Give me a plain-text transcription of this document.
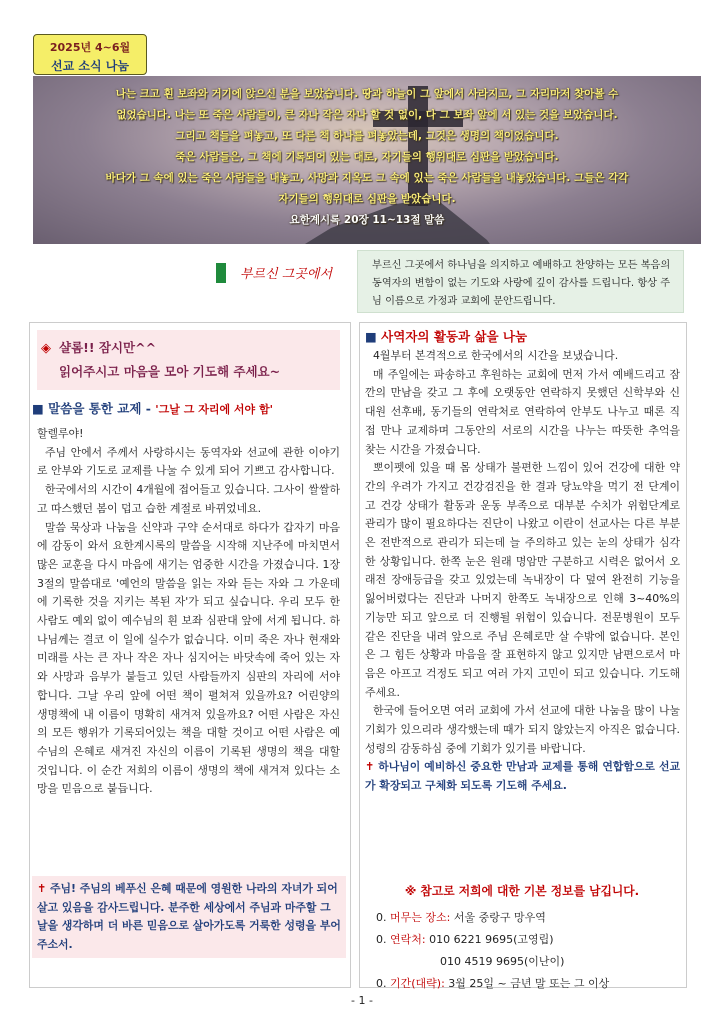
2025년 4~6월
선교 소식 나눔
나는 크고 흰 보좌와 거기에 앉으신 분을 보았습니다. 땅과 하늘이 그 앞에서 사라지고, 그 자리마저 찾아볼 수
없었습니다. 나는 또 죽은 사람들이, 큰 자나 작은 자나 할 것 없이, 다 그 보좌 앞에 서 있는 것을 보았습니다.
그리고 책들을 펴놓고, 또 다른 책 하나를 펴놓았는데, 그것은 생명의 책이었습니다.
죽은 사람들은, 그 책에 기록되어 있는 대로, 자기들의 행위대로 심판을 받았습니다.
바다가 그 속에 있는 죽은 사람들을 내놓고, 사망과 지옥도 그 속에 있는 죽은 사람들을 내놓았습니다. 그들은 각각
자기들의 행위대로 심판을 받았습니다.
요한계시록 20장 11~13절 말씀
부르신 그곳에서

부르신 그곳에서 하나님을 의지하고 예배하고 찬양하는 모든 복음의 동역자의 변함이 없는 기도와 사랑에 깊이 감사를 드립니다. 항상 주님 이름으로 가정과 교회에 문안드립니다.

◈ 샬롬!! 잠시만^^
읽어주시고 마음을 모아 기도해 주세요~
■ 말씀을 통한 교제 - '그날 그 자리에 서야 함'

할렐루야!

주님 안에서 주께서 사랑하시는 동역자와 선교에 관한 이야기로 안부와 기도로 교제를 나눌 수 있게 되어 기쁘고 감사합니다.

한국에서의 시간이 4개월에 접어들고 있습니다. 그사이 쌀쌀하고 따스했던 봄이 덥고 습한 계절로 바뀌었네요.

말씀 묵상과 나눔을 신약과 구약 순서대로 하다가 갑자기 마음에 감동이 와서 요한계시록의 말씀을 시작해 지난주에 마치면서 많은 교훈을 다시 마음에 새기는 엄중한 시간을 가졌습니다. 1장 3절의 말씀대로 '예언의 말씀을 읽는 자와 듣는 자와 그 가운데에 기록한 것을 지키는 복된 자'가 되고 싶습니다. 우리 모두 한 사람도 예외 없이 예수님의 흰 보좌 심판대 앞에 서게 됩니다. 하나님께는 결코 이 일에 실수가 없습니다. 이미 죽은 자나 현재와 미래를 사는 큰 자나 작은 자나 심지어는 바닷속에 죽어 있는 자와 사망과 음부가 붙들고 있던 사람들까지 심판의 자리에 서야 합니다. 그날 우리 앞에 어떤 책이 펼쳐져 있을까요? 어린양의 생명책에 내 이름이 명확히 새겨져 있을까요? 어떤 사람은 자신의 모든 행위가 기록되어있는 책을 대할 것이고 어떤 사람은 예수님의 은혜로 새겨진 자신의 이름이 기록된 생명의 책을 대할 것입니다. 이 순간 저희의 이름이 생명의 책에 새겨져 있다는 소망을 믿음으로 붙듭니다.

✝ 주님! 주님의 베푸신 은혜 때문에 영원한 나라의 자녀가 되어 살고 있음을 감사드립니다. 분주한 세상에서 주님과 마주할 그 날을 생각하며 더 바른 믿음으로 살아가도록 거룩한 성령을 부어주소서.
■ 사역자의 활동과 삶을 나눔

4월부터 본격적으로 한국에서의 시간을 보냈습니다.

매 주일에는 파송하고 후원하는 교회에 먼저 가서 예배드리고 잠깐의 만남을 갖고 그 후에 오랫동안 연락하지 못했던 신학부와 신대원 선후배, 동기들의 연락처로 연락하여 안부도 나누고 때론 직접 만나 교제하며 그동안의 서로의 시간을 나누는 따뜻한 추억을 찾는 시간을 가졌습니다.

뽀이펫에 있을 때 몸 상태가 불편한 느낌이 있어 건강에 대한 약간의 우려가 가지고 건강검진을 한 결과 당뇨약을 먹기 전 단계이고 건강 상태가 활동과 운동 부족으로 대부분 수치가 위험단계로 관리가 많이 필요하다는 진단이 나왔고 이란이 선교사는 다른 부분은 전반적으로 관리가 되는데 늘 주의하고 있는 눈의 상태가 심각한 상황입니다. 한쪽 눈은 원래 명암만 구분하고 시력은 없어서 오래전 장애등급을 갖고 있었는데 녹내장이 다 덮여 완전히 기능을 잃어버렸다는 진단과 나머지 한쪽도 녹내장으로 인해 3~40%의 기능만 되고 앞으로 더 진행될 위험이 있습니다. 전문병원이 모두 같은 진단을 내려 앞으로 주님 은혜로만 살 수밖에 없습니다. 본인은 그 힘든 상황과 마음을 잘 표현하지 않고 있지만 남편으로서 마음은 아프고 걱정도 되고 여러 가지 고민이 되고 있습니다. 기도해 주세요.

한국에 들어오면 여러 교회에 가서 선교에 대한 나눔을 많이 나눌 기회가 있으리라 생각했는데 때가 되지 않았는지 아직은 없습니다. 성령의 감동하심 중에 기회가 있기를 바랍니다.

✝ 하나님이 예비하신 중요한 만남과 교제를 통해 연합함으로 선교가 확장되고 구체화 되도록 기도해 주세요.
※ 참고로 저희에 대한 기본 정보를 남깁니다.
0. 머무는 장소: 서울 중랑구 망우역
0. 연락처: 010 6221 9695(고영립)
010 4519 9695(이난이)
0. 기간(대략): 3월 25일 ~ 금년 말 또는 그 이상
- 1 -
